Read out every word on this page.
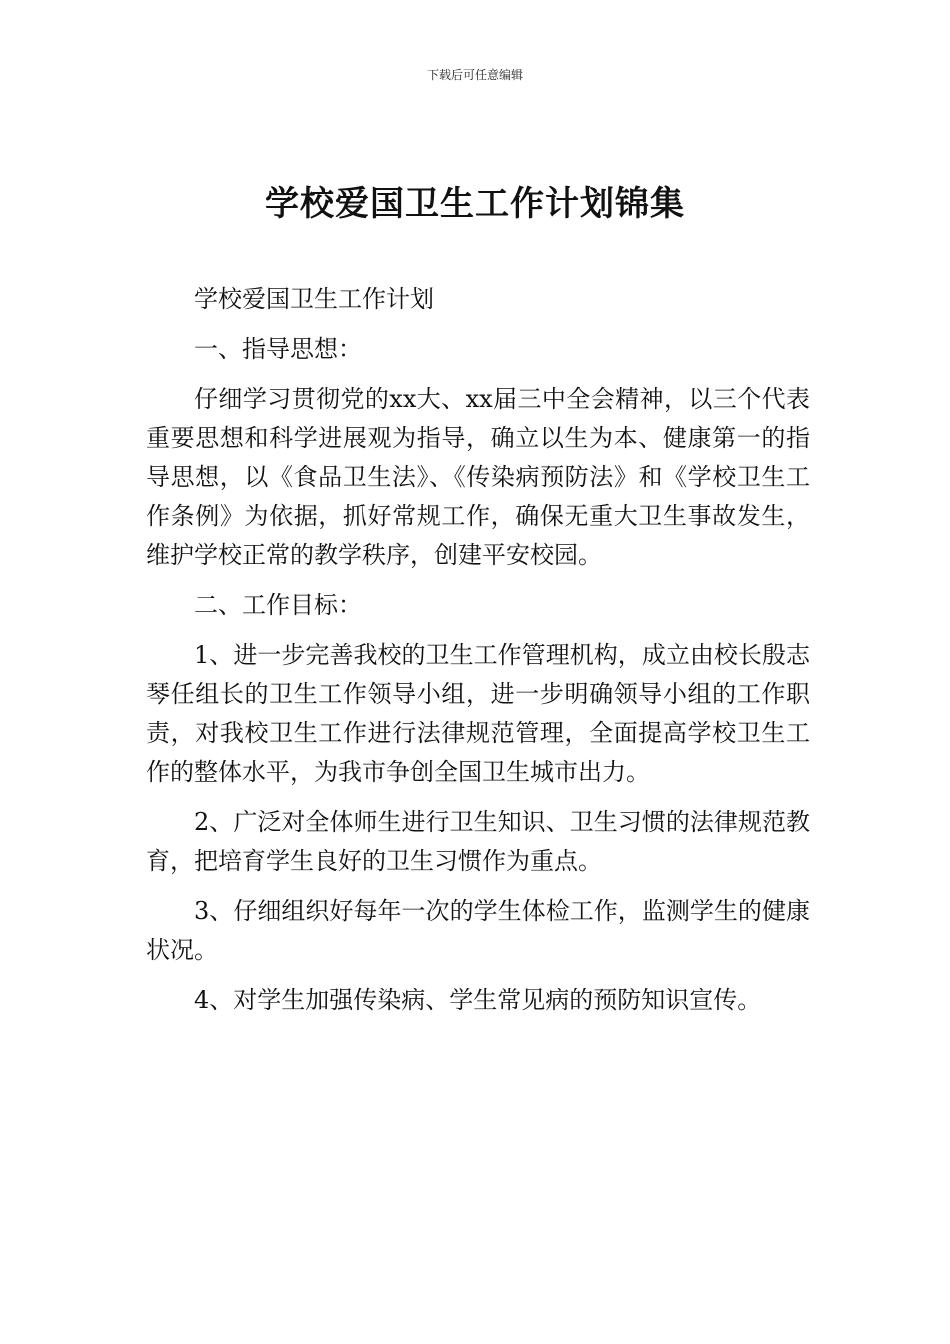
下载后可任意编辑
学校爱国卫生工作计划锦集

学校爱国卫生工作计划

一、指导思想：

仔细学习贯彻党的xx大、xx届三中全会精神，以三个代表重要思想和科学进展观为指导，确立以生为本、健康第一的指导思想，以《食品卫生法》、《传染病预防法》和《学校卫生工作条例》为依据，抓好常规工作，确保无重大卫生事故发生，维护学校正常的教学秩序，创建平安校园。

二、工作目标：

1、进一步完善我校的卫生工作管理机构，成立由校长殷志琴任组长的卫生工作领导小组，进一步明确领导小组的工作职责，对我校卫生工作进行法律规范管理，全面提高学校卫生工作的整体水平，为我市争创全国卫生城市出力。

2、广泛对全体师生进行卫生知识、卫生习惯的法律规范教育，把培育学生良好的卫生习惯作为重点。

3、仔细组织好每年一次的学生体检工作，监测学生的健康状况。

4、对学生加强传染病、学生常见病的预防知识宣传。
